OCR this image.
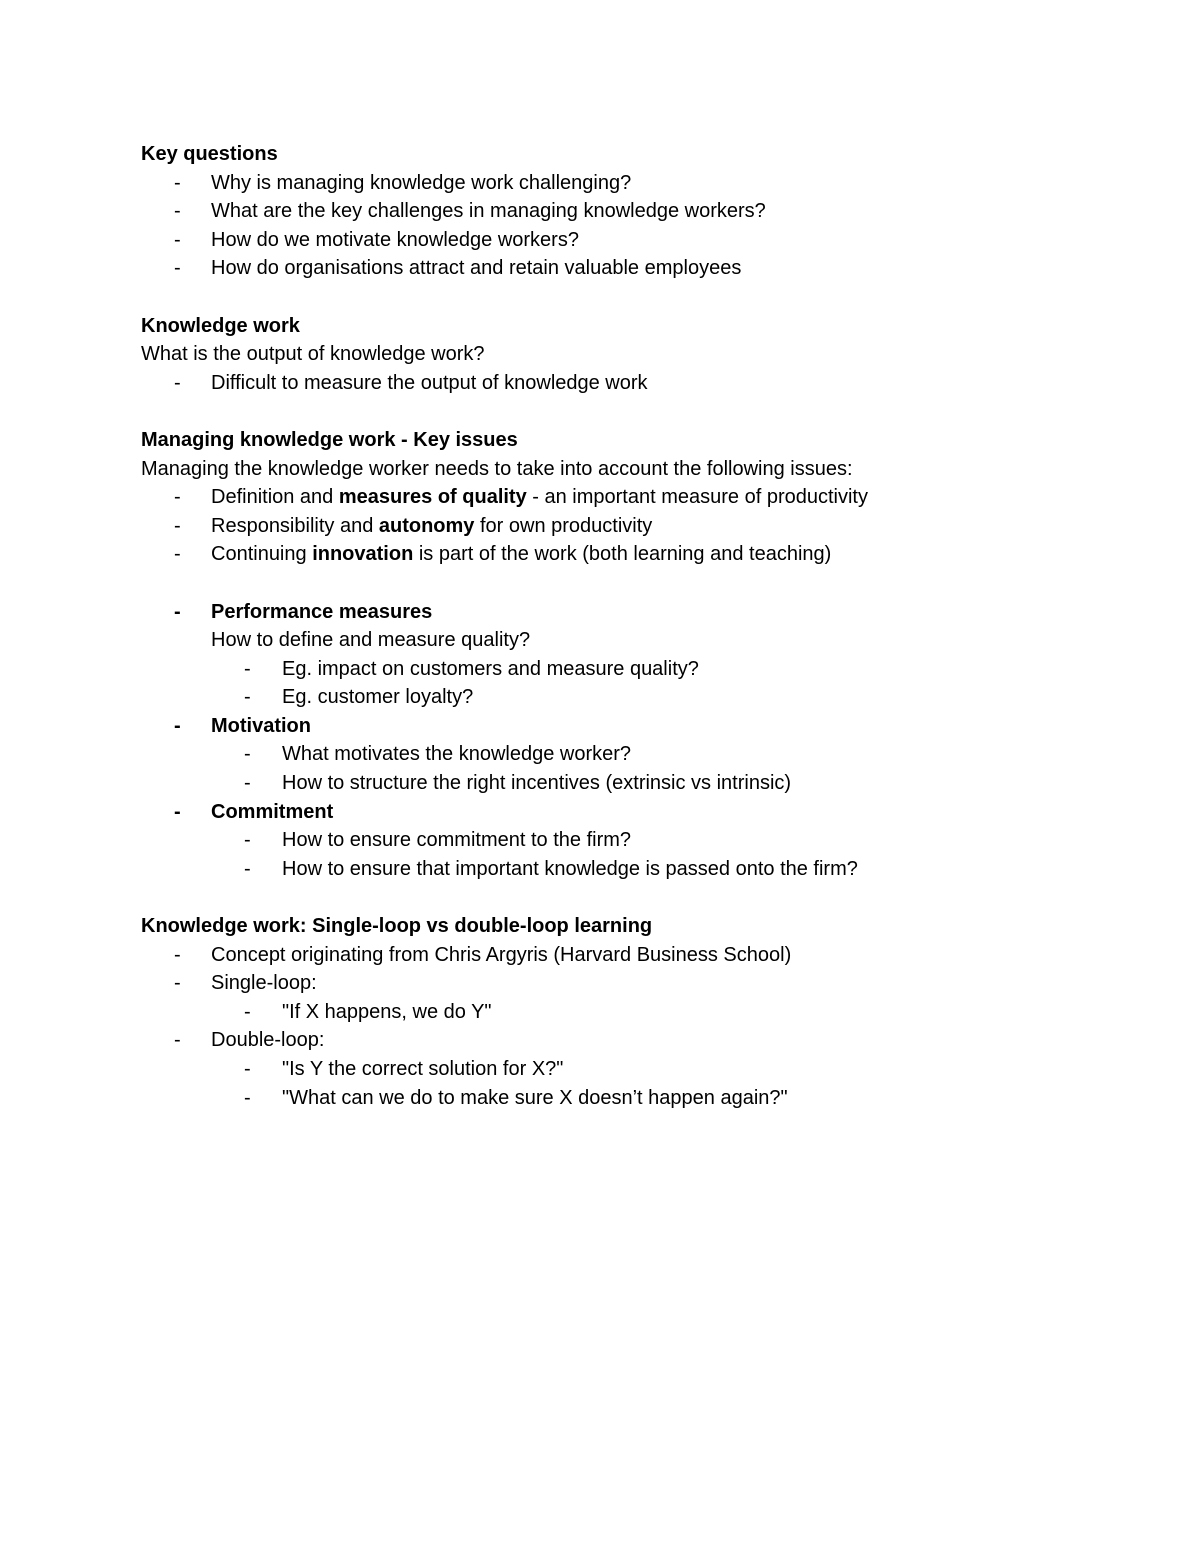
Key questions
- Why is managing knowledge work challenging?
- What are the key challenges in managing knowledge workers?
- How do we motivate knowledge workers?
- How do organisations attract and retain valuable employees
Knowledge work
What is the output of knowledge work?
- Difficult to measure the output of knowledge work
Managing knowledge work - Key issues
Managing the knowledge worker needs to take into account the following issues:
- Definition and measures of quality - an important measure of productivity
- Responsibility and autonomy for own productivity
- Continuing innovation is part of the work (both learning and teaching)
- Performance measures
How to define and measure quality?
- Eg. impact on customers and measure quality?
- Eg. customer loyalty?
- Motivation
- What motivates the knowledge worker?
- How to structure the right incentives (extrinsic vs intrinsic)
- Commitment
- How to ensure commitment to the firm?
- How to ensure that important knowledge is passed onto the firm?
Knowledge work: Single-loop vs double-loop learning
- Concept originating from Chris Argyris (Harvard Business School)
- Single-loop:
- "If X happens, we do Y"
- Double-loop:
- "Is Y the correct solution for X?"
- "What can we do to make sure X doesn’t happen again?"
